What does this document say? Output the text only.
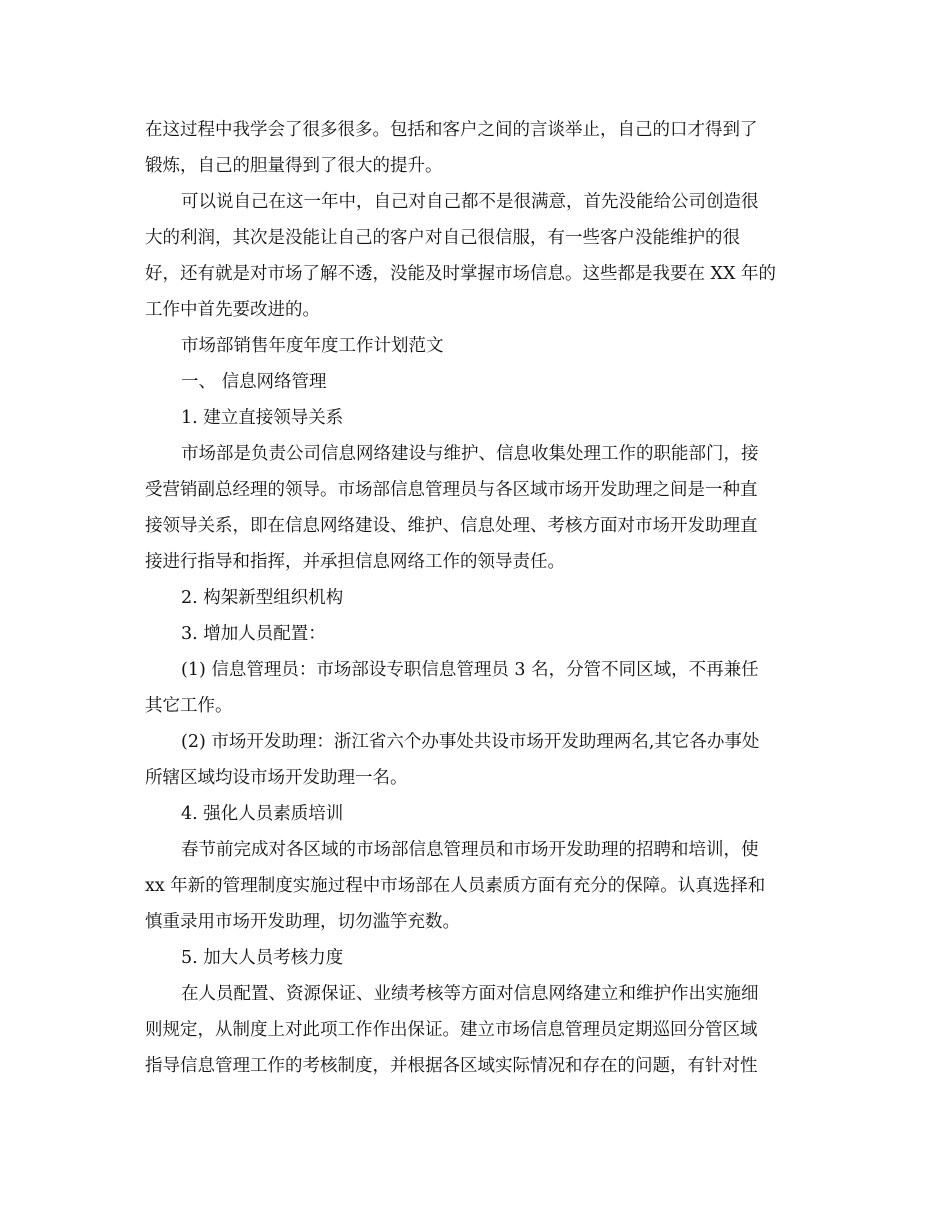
在这过程中我学会了很多很多。包括和客户之间的言谈举止，自己的口才得到了
锻炼，自己的胆量得到了很大的提升。
可以说自己在这一年中，自己对自己都不是很满意，首先没能给公司创造很
大的利润，其次是没能让自己的客户对自己很信服，有一些客户没能维护的很
好，还有就是对市场了解不透，没能及时掌握市场信息。这些都是我要在 XX 年的
工作中首先要改进的。
市场部销售年度年度工作计划范文
一、 信息网络管理
1. 建立直接领导关系
市场部是负责公司信息网络建设与维护、信息收集处理工作的职能部门，接
受营销副总经理的领导。市场部信息管理员与各区域市场开发助理之间是一种直
接领导关系，即在信息网络建设、维护、信息处理、考核方面对市场开发助理直
接进行指导和指挥，并承担信息网络工作的领导责任。
2. 构架新型组织机构
3. 增加人员配置：
(1) 信息管理员：市场部设专职信息管理员 3 名，分管不同区域，不再兼任
其它工作。
(2) 市场开发助理：浙江省六个办事处共设市场开发助理两名,其它各办事处
所辖区域均设市场开发助理一名。
4. 强化人员素质培训
春节前完成对各区域的市场部信息管理员和市场开发助理的招聘和培训，使
xx 年新的管理制度实施过程中市场部在人员素质方面有充分的保障。认真选择和
慎重录用市场开发助理，切勿滥竽充数。
5. 加大人员考核力度
在人员配置、资源保证、业绩考核等方面对信息网络建立和维护作出实施细
则规定，从制度上对此项工作作出保证。建立市场信息管理员定期巡回分管区域
指导信息管理工作的考核制度，并根据各区域实际情况和存在的问题，有针对性
